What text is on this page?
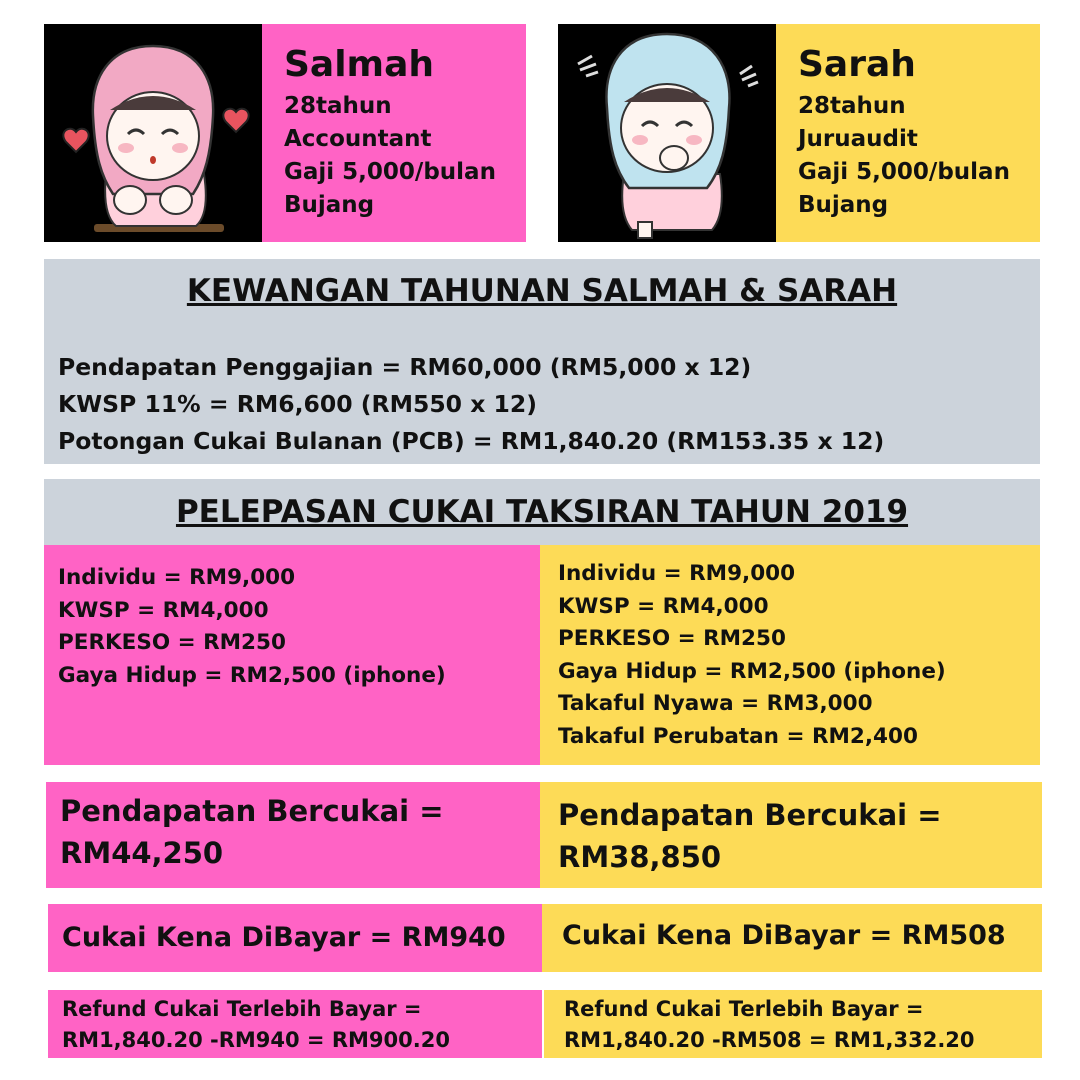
Salmah
28tahun
Accountant
Gaji 5,000/bulan
Bujang
Sarah
28tahun
Juruaudit
Gaji 5,000/bulan
Bujang
KEWANGAN TAHUNAN SALMAH & SARAH
Pendapatan Penggajian = RM60,000 (RM5,000 x 12)
KWSP 11% = RM6,600 (RM550 x 12)
Potongan Cukai Bulanan (PCB) = RM1,840.20 (RM153.35 x 12)
PELEPASAN CUKAI TAKSIRAN TAHUN 2019
Individu = RM9,000
KWSP = RM4,000
PERKESO = RM250
Gaya Hidup = RM2,500 (iphone)
Individu = RM9,000
KWSP = RM4,000
PERKESO = RM250
Gaya Hidup = RM2,500 (iphone)
Takaful Nyawa = RM3,000
Takaful Perubatan = RM2,400
Pendapatan Bercukai =
RM44,250
Pendapatan Bercukai =
RM38,850
Cukai Kena DiBayar = RM940	Cukai Kena DiBayar = RM508
Refund Cukai Terlebih Bayar =
RM1,840.20 -RM940 = RM900.20
Refund Cukai Terlebih Bayar =
RM1,840.20 -RM508 = RM1,332.20
